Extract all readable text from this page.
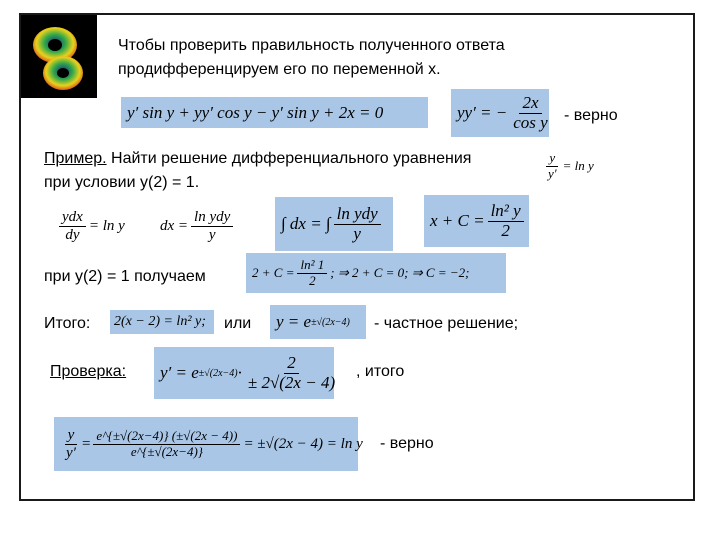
Чтобы проверить правильность полученного ответа
продифференцируем его по переменной x.
y′ sin y + yy′ cos y − y′ sin y + 2x = 0	yy′ = − $\frac{2x}{\text{cos y}}$ - верно
Пример. Найти решение дифференциального уравнения
при условии y(2) = 1.
$\frac{y}{y'} = \ln y$
$\frac{\text{ydx}}{dy} = \ln y$ dx = $\frac{\text{ln ydy}}{y}$	∫ dx = ∫ $\frac{\text{ln ydy}}{y}$	$x + C = \frac{\text{ln² y}}{2}$
при y(2) = 1 получаем	$2 + C = \frac{\text{ln² 1}}{2}$ ; ⇒ 2 + C = 0; ⇒ C = −2;
Итого: 2(x − 2) = ln² y; или y = e ±√(2x−4) - частное решение;
Проверка: $y' = e \pm√(2x-4) \cdot \frac{2}{\pm 2√(2x - 4)}$ , итого
$\frac{y}{y'} = \frac{e\^{}\{\pm√(2x-4)\} (\pm√(2x - 4))}{e\^{}\{\pm√(2x-4)\}} = \pm√(2x - 4) = \ln y$ - верно
